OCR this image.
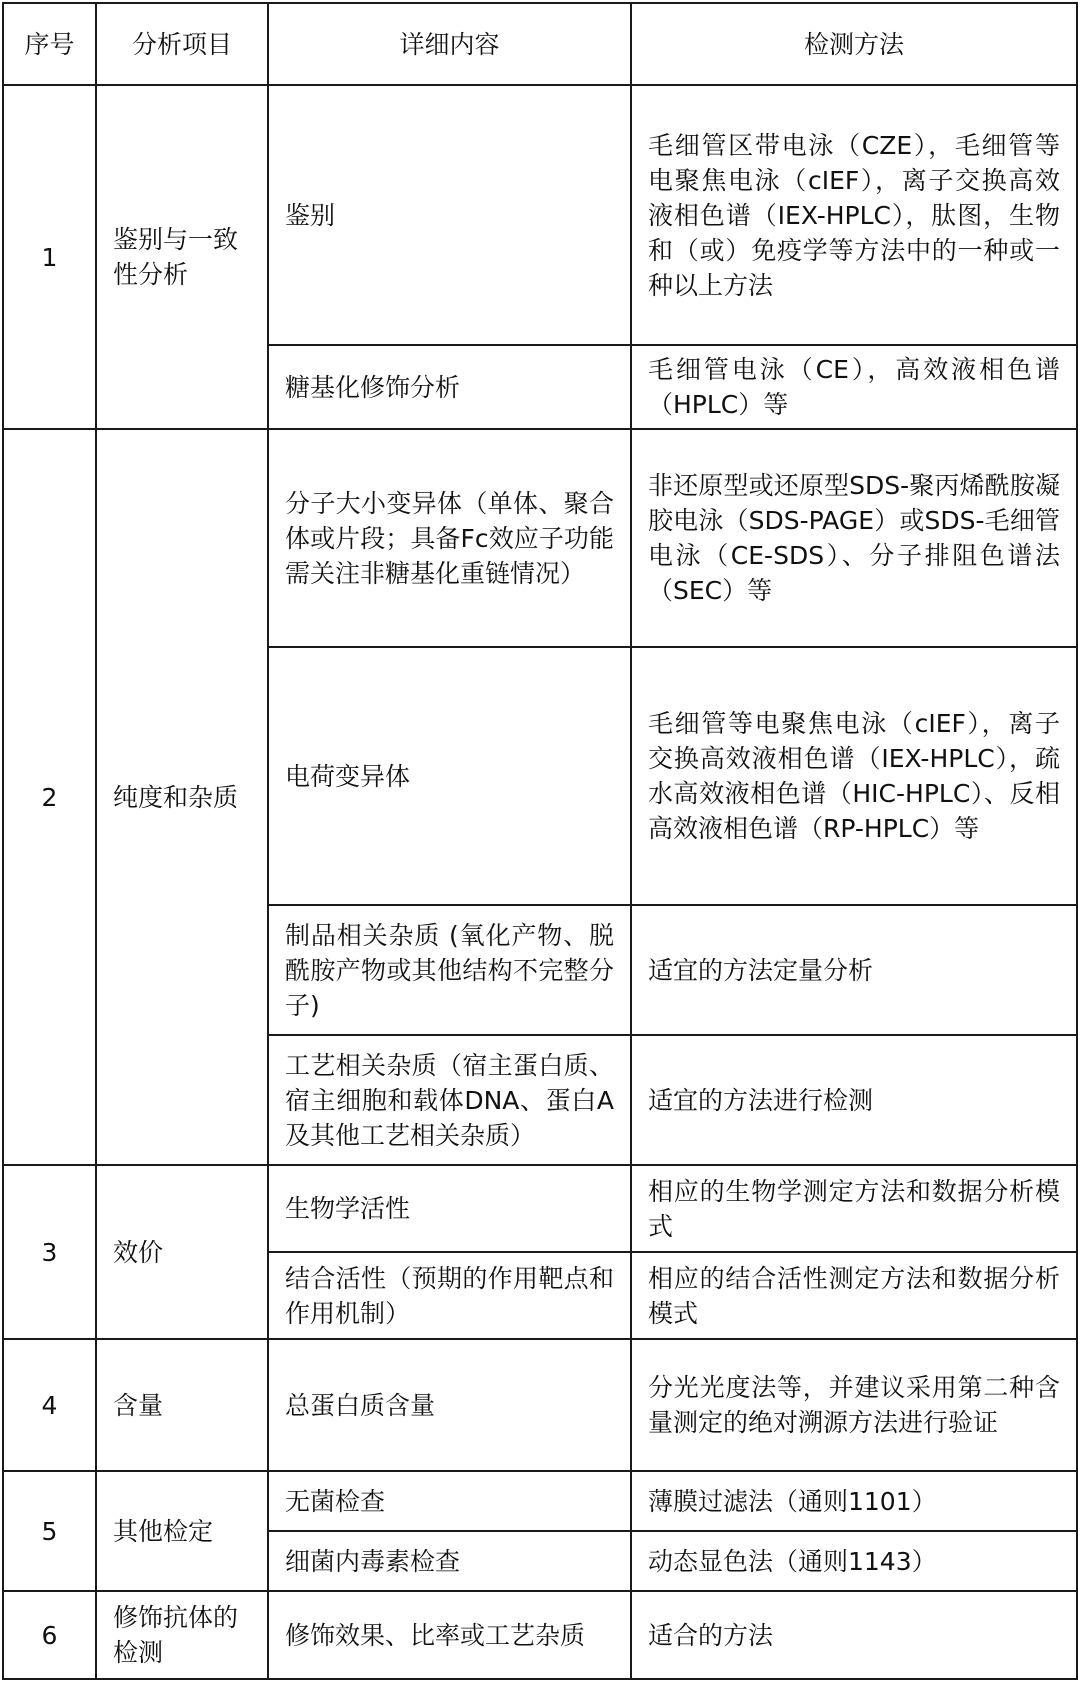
序号	分析项目	详细内容	检测方法
1	鉴别与一致性分析	鉴别	毛细管区带电泳（CZE），毛细管等电聚焦电泳（cIEF），离子交换高效液相色谱（IEX-HPLC），肽图，生物和（或）免疫学等方法中的一种或一种以上方法
		糖基化修饰分析	毛细管电泳（CE），高效液相色谱（HPLC）等
2	纯度和杂质	分子大小变异体（单体、聚合体或片段；具备Fc效应子功能需关注非糖基化重链情况）	非还原型或还原型SDS-聚丙烯酰胺凝胶电泳（SDS-PAGE）或SDS-毛细管电泳（CE-SDS）、分子排阻色谱法（SEC）等
		电荷变异体	毛细管等电聚焦电泳（cIEF），离子交换高效液相色谱（IEX-HPLC），疏水高效液相色谱（HIC-HPLC）、反相高效液相色谱（RP-HPLC）等
		制品相关杂质 (氧化产物、脱酰胺产物或其他结构不完整分子)	适宜的方法定量分析
		工艺相关杂质（宿主蛋白质、宿主细胞和载体DNA、蛋白A及其他工艺相关杂质）	适宜的方法进行检测
3	效价	生物学活性	相应的生物学测定方法和数据分析模式
		结合活性（预期的作用靶点和作用机制）	相应的结合活性测定方法和数据分析模式
4	含量	总蛋白质含量	分光光度法等，并建议采用第二种含量测定的绝对溯源方法进行验证
5	其他检定	无菌检查	薄膜过滤法（通则1101）
		细菌内毒素检查	动态显色法（通则1143）
6	修饰抗体的检测	修饰效果、比率或工艺杂质	适合的方法
